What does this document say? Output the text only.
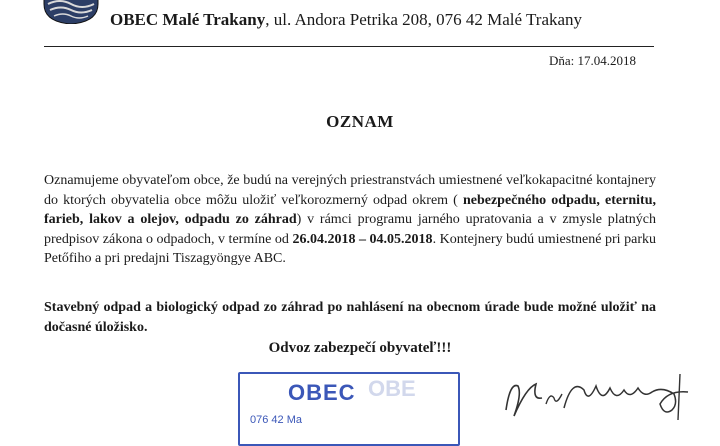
OBEC Malé Trakany, ul. Andora Petrika 208, 076 42 Malé Trakany
Dňa: 17.04.2018
OZNAM
Oznamujeme obyvateľom obce, že budú na verejných priestranstvách umiestnené veľkokapacitné kontajnery do ktorých obyvatelia obce môžu uložiť veľkorozmerný odpad okrem ( nebezpečného odpadu, eternitu, farieb, lakov a olejov, odpadu zo záhrad) v rámci programu jarného upratovania a v zmysle platných predpisov zákona o odpadoch, v termíne od 26.04.2018 – 04.05.2018. Kontejnery budú umiestnené pri parku Petőfiho a pri predajni Tiszagyöngye ABC.
Stavebný odpad a biologický odpad zo záhrad po nahlásení na obecnom úrade bude možné uložiť na dočasné úložisko.
Odvoz zabezpečí obyvateľ!!!
OBEC OBE
076 42 Ma
